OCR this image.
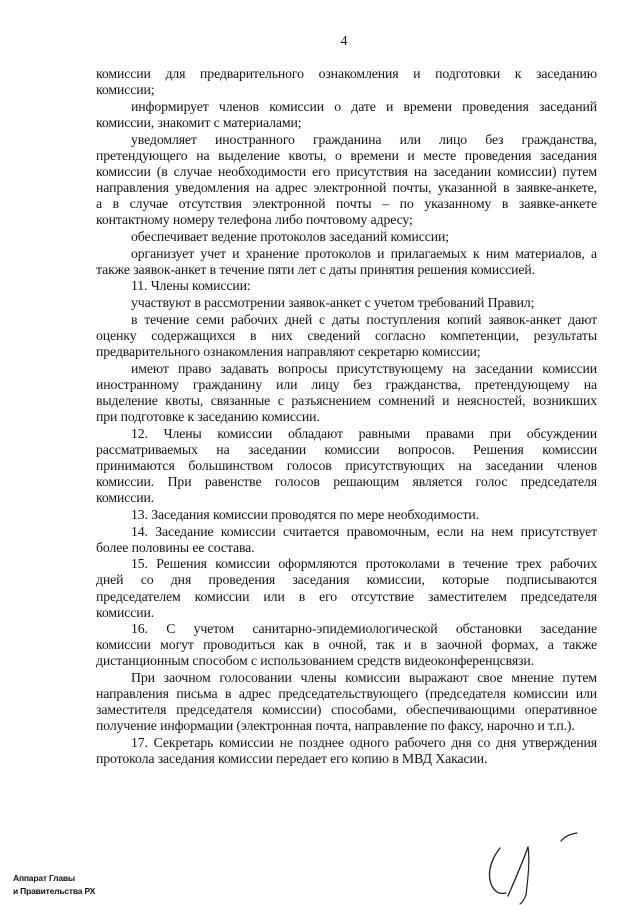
4
комиссии для предварительного ознакомления и подготовки к заседанию
комиссии;
информирует членов комиссии о дате и времени проведения заседаний
комиссии, знакомит с материалами;
уведомляет иностранного гражданина или лицо без гражданства,
претендующего на выделение квоты, о времени и месте проведения заседания
комиссии (в случае необходимости его присутствия на заседании комиссии) путем
направления уведомления на адрес электронной почты, указанной в заявке-анкете,
а в случае отсутствия электронной почты – по указанному в заявке-анкете
контактному номеру телефона либо почтовому адресу;
обеспечивает ведение протоколов заседаний комиссии;
организует учет и хранение протоколов и прилагаемых к ним материалов, а
также заявок-анкет в течение пяти лет с даты принятия решения комиссией.
11. Члены комиссии:
участвуют в рассмотрении заявок-анкет с учетом требований Правил;
в течение семи рабочих дней с даты поступления копий заявок-анкет дают
оценку содержащихся в них сведений согласно компетенции, результаты
предварительного ознакомления направляют секретарю комиссии;
имеют право задавать вопросы присутствующему на заседании комиссии
иностранному гражданину или лицу без гражданства, претендующему на
выделение квоты, связанные с разъяснением сомнений и неясностей, возникших
при подготовке к заседанию комиссии.
12. Члены комиссии обладают равными правами при обсуждении
рассматриваемых на заседании комиссии вопросов. Решения комиссии
принимаются большинством голосов присутствующих на заседании членов
комиссии. При равенстве голосов решающим является голос председателя
комиссии.
13. Заседания комиссии проводятся по мере необходимости.
14. Заседание комиссии считается правомочным, если на нем присутствует
более половины ее состава.
15. Решения комиссии оформляются протоколами в течение трех рабочих
дней со дня проведения заседания комиссии, которые подписываются
председателем комиссии или в его отсутствие заместителем председателя
комиссии.
16. С учетом санитарно-эпидемиологической обстановки заседание
комиссии могут проводиться как в очной, так и в заочной формах, а также
дистанционным способом с использованием средств видеоконференцсвязи.
При заочном голосовании члены комиссии выражают свое мнение путем
направления письма в адрес председательствующего (председателя комиссии или
заместителя председателя комиссии) способами, обеспечивающими оперативное
получение информации (электронная почта, направление по факсу, нарочно и т.п.).
17. Секретарь комиссии не позднее одного рабочего дня со дня утверждения
протокола заседания комиссии передает его копию в МВД Хакасии.
Аппарат Главы
и Правительства РХ
